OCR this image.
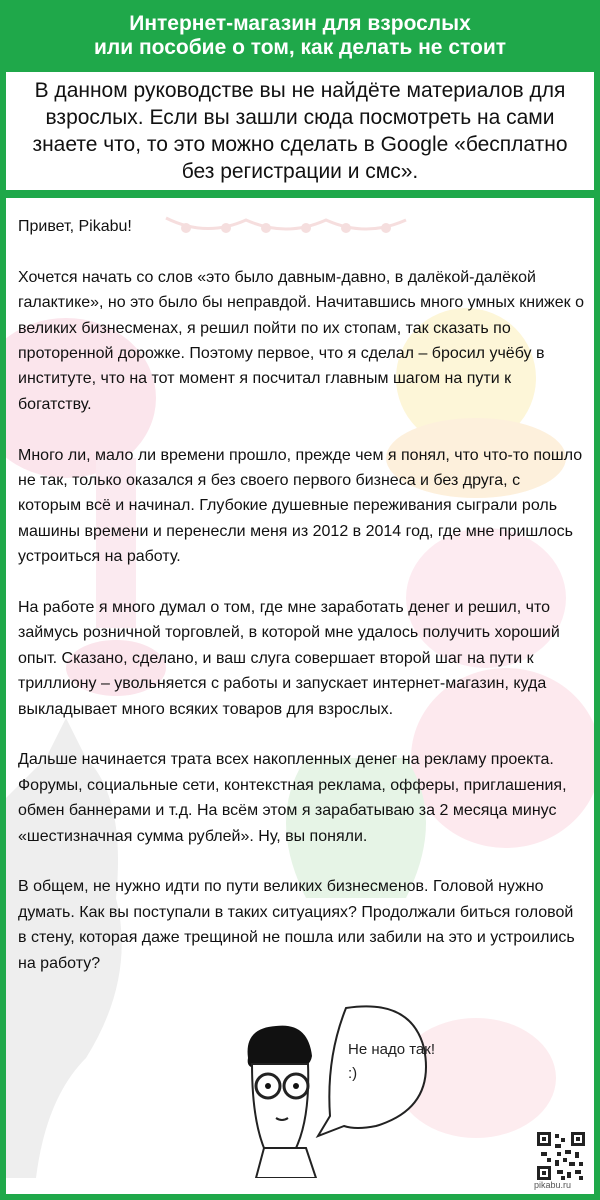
Интернет-магазин для взрослых
или пособие о том, как делать не стоит
В данном руководстве вы не найдёте материалов для взрослых. Если вы зашли сюда посмотреть на сами знаете что, то это можно сделать в Google «бесплатно без регистрации и смс».

Привет, Pikabu!

Хочется начать со слов «это было давным-давно, в далёкой-далёкой галактике», но это было бы неправдой. Начитавшись много умных книжек о великих бизнесменах, я решил пойти по их стопам, так сказать по проторенной дорожке. Поэтому первое, что я сделал – бросил учёбу в институте, что на тот момент я посчитал главным шагом на пути к богатству.

Много ли, мало ли времени прошло, прежде чем я понял, что что-то пошло не так, только оказался я без своего первого бизнеса и без друга, с которым всё и начинал. Глубокие душевные переживания сыграли роль машины времени и перенесли меня из 2012 в 2014 год, где мне пришлось устроиться на работу.

На работе я много думал о том, где мне заработать денег и решил, что займусь розничной торговлей, в которой мне удалось получить хороший опыт. Сказано, сделано, и ваш слуга совершает второй шаг на пути к триллиону – увольняется с работы и запускает интернет-магазин, куда выкладывает много всяких товаров для взрослых.

Дальше начинается трата всех накопленных денег на рекламу проекта. Форумы, социальные сети, контекстная реклама, офферы, приглашения, обмен баннерами и т.д. На всём этом я зарабатываю за 2 месяца минус «шестизначная сумма рублей». Ну, вы поняли.

В общем, не нужно идти по пути великих бизнесменов. Головой нужно думать. Как вы поступали в таких ситуациях? Продолжали биться головой в стену, которая даже трещиной не пошла или забили на это и устроились на работу?

Не надо так! :)
pikabu.ru
